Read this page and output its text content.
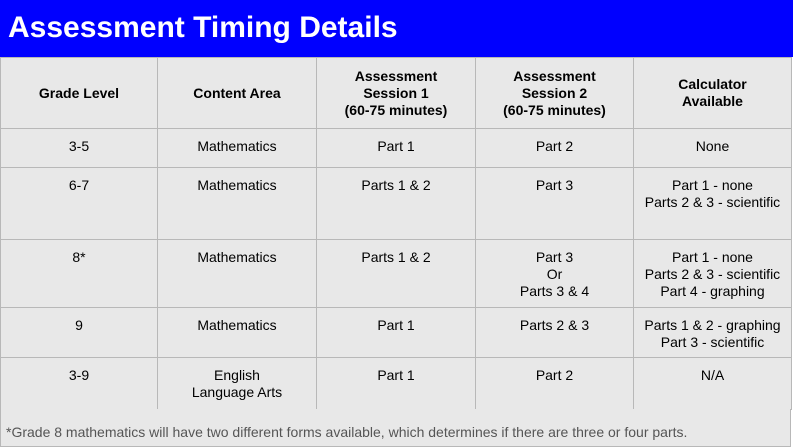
Assessment Timing Details
Grade Level	Content Area	Assessment
Session 1
(60-75 minutes)	Assessment
Session 2
(60-75 minutes)	Calculator
Available

3-5	Mathematics	Part 1	Part 2	None

6-7	Mathematics	Parts 1 & 2	Part 3	Part 1 - none
Parts 2 & 3 - scientific

8*	Mathematics	Parts 1 & 2	Part 3
Or
Parts 3 & 4	Part 1 - none
Parts 2 & 3 - scientific
Part 4 - graphing

9	Mathematics	Part 1	Parts 2 & 3	Parts 1 & 2 - graphing
Part 3 - scientific

3-9	English
Language Arts	Part 1	Part 2	N/A
*Grade 8 mathematics will have two different forms available, which determines if there are three or four parts.
